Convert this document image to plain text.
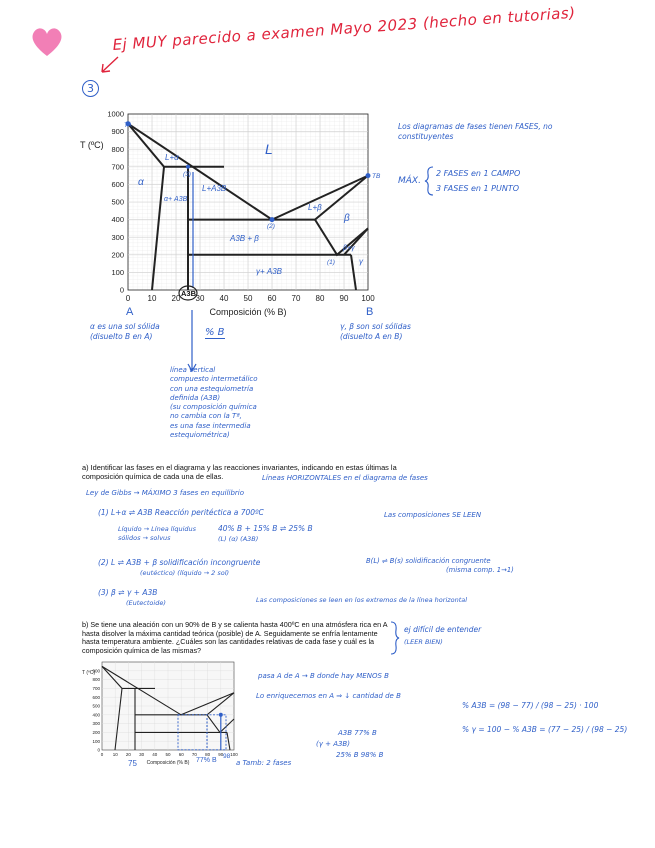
Ej MUY parecido a examen Mayo 2023 (hecho en tutorias)
3
1000
900
800
700
600
500
400
300
200
100
0
T (ºC)
0 10 20 30 40 50 60 70 80 90 100
Composición (% B)
A3B
A	B
TA
TB
L
L+α
α
L+A3B
α+ A3B
L+β
β
A3B + β
β+γ
γ
γ+ A3B
(3)
(2)
(1)
α es una sol sólida (disuelto B en A)	% B
γ, β son sol sólidas (disuelto A en B)
línea vertical
compuesto intermetálico
con una estequiometría
definida (A3B)
(su composición química
no cambia con la Tª,
es una fase intermedia
estequiométrica)
Los diagramas de fases tienen FASES, no constituyentes
MÁX.
2 FASES en 1 CAMPO
3 FASES en 1 PUNTO
a) Identificar las fases en el diagrama y las reacciones invariantes, indicando en estas últimas la
composición química de cada una de ellas.	Líneas HORIZONTALES en el diagrama de fases
Ley de Gibbs → MÁXIMO 3 fases en equilibrio
(1) L+α ⇌ A3B Reacción peritéctica a 700ºC	Las composiciones SE LEEN
Líquido → Línea líquidus
sólidos → solvus
40% B + 15% B ⇌ 25% B
(L) (α) (A3B)
(2) L ⇌ A3B + β solidificación incongruente
(eutéctico) (líquido → 2 sol)
B(L) ⇌ B(s) solidificación congruente
(misma comp. 1→1)
(3) β ⇌ γ + A3B
(Eutectoide)	Las composiciones se leen en los extremos de la línea horizontal
b) Se tiene una aleación con un 90% de B y se calienta hasta 400ºC en una atmósfera rica en A
hasta disolver la máxima cantidad teórica (posible) de A. Seguidamente se enfría lentamente
hasta temperatura ambiente. ¿Cuáles son las cantidades relativas de cada fase y cuál es la
composición química de las mismas?
ej difícil de entender
(LEER BIEN)
900
800
700
600
500
400
300
200
100
0
0 10 20 30 40 50 60 70 80 90 100
T (ºC)
Composición (% B)
75	77% B
98
a Tamb: 2 fases
pasa A de A → B donde hay MENOS B
Lo enriquecemos en A ⇒ ↓ cantidad de B
A3B 77% B
(γ + A3B)
25% B 98% B
% A3B = (98 − 77) / (98 − 25) · 100
% γ = 100 − % A3B = (77 − 25) / (98 − 25)
